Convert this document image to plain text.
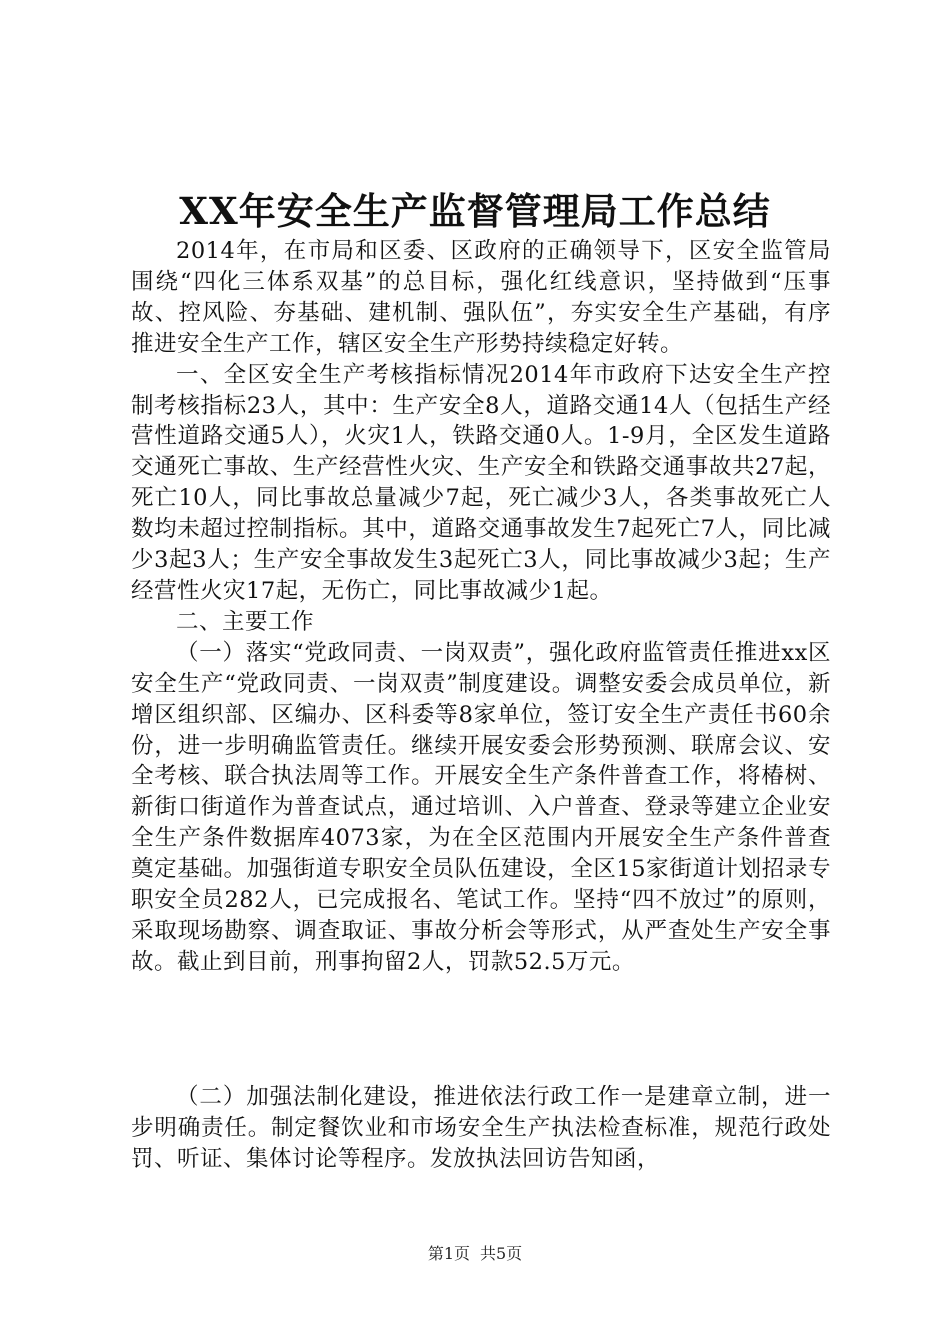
XX年安全生产监督管理局工作总结

2014年，在市局和区委、区政府的正确领导下，区安全监管局围绕“四化三体系双基”的总目标，强化红线意识，坚持做到“压事故、控风险、夯基础、建机制、强队伍”，夯实安全生产基础，有序推进安全生产工作，辖区安全生产形势持续稳定好转。

一、全区安全生产考核指标情况2014年市政府下达安全生产控制考核指标23人，其中：生产安全8人，道路交通14人（包括生产经营性道路交通5人），火灾1人，铁路交通0人。1-9月，全区发生道路交通死亡事故、生产经营性火灾、生产安全和铁路交通事故共27起，死亡10人，同比事故总量减少7起，死亡减少3人，各类事故死亡人数均未超过控制指标。其中，道路交通事故发生7起死亡7人，同比减少3起3人；生产安全事故发生3起死亡3人，同比事故减少3起；生产经营性火灾17起，无伤亡，同比事故减少1起。

二、主要工作

（一）落实“党政同责、一岗双责”，强化政府监管责任推进xx区安全生产“党政同责、一岗双责”制度建设。调整安委会成员单位，新增区组织部、区编办、区科委等8家单位，签订安全生产责任书60余份，进一步明确监管责任。继续开展安委会形势预测、联席会议、安全考核、联合执法周等工作。开展安全生产条件普查工作，将椿树、新街口街道作为普查试点，通过培训、入户普查、登录等建立企业安全生产条件数据库4073家，为在全区范围内开展安全生产条件普查奠定基础。加强街道专职安全员队伍建设，全区15家街道计划招录专职安全员282人，已完成报名、笔试工作。坚持“四不放过”的原则，采取现场勘察、调查取证、事故分析会等形式，从严查处生产安全事故。截止到目前，刑事拘留2人，罚款52.5万元。

（二）加强法制化建设，推进依法行政工作一是建章立制，进一步明确责任。制定餐饮业和市场安全生产执法检查标准，规范行政处罚、听证、集体讨论等程序。发放执法回访告知函，

第1页 共5页
